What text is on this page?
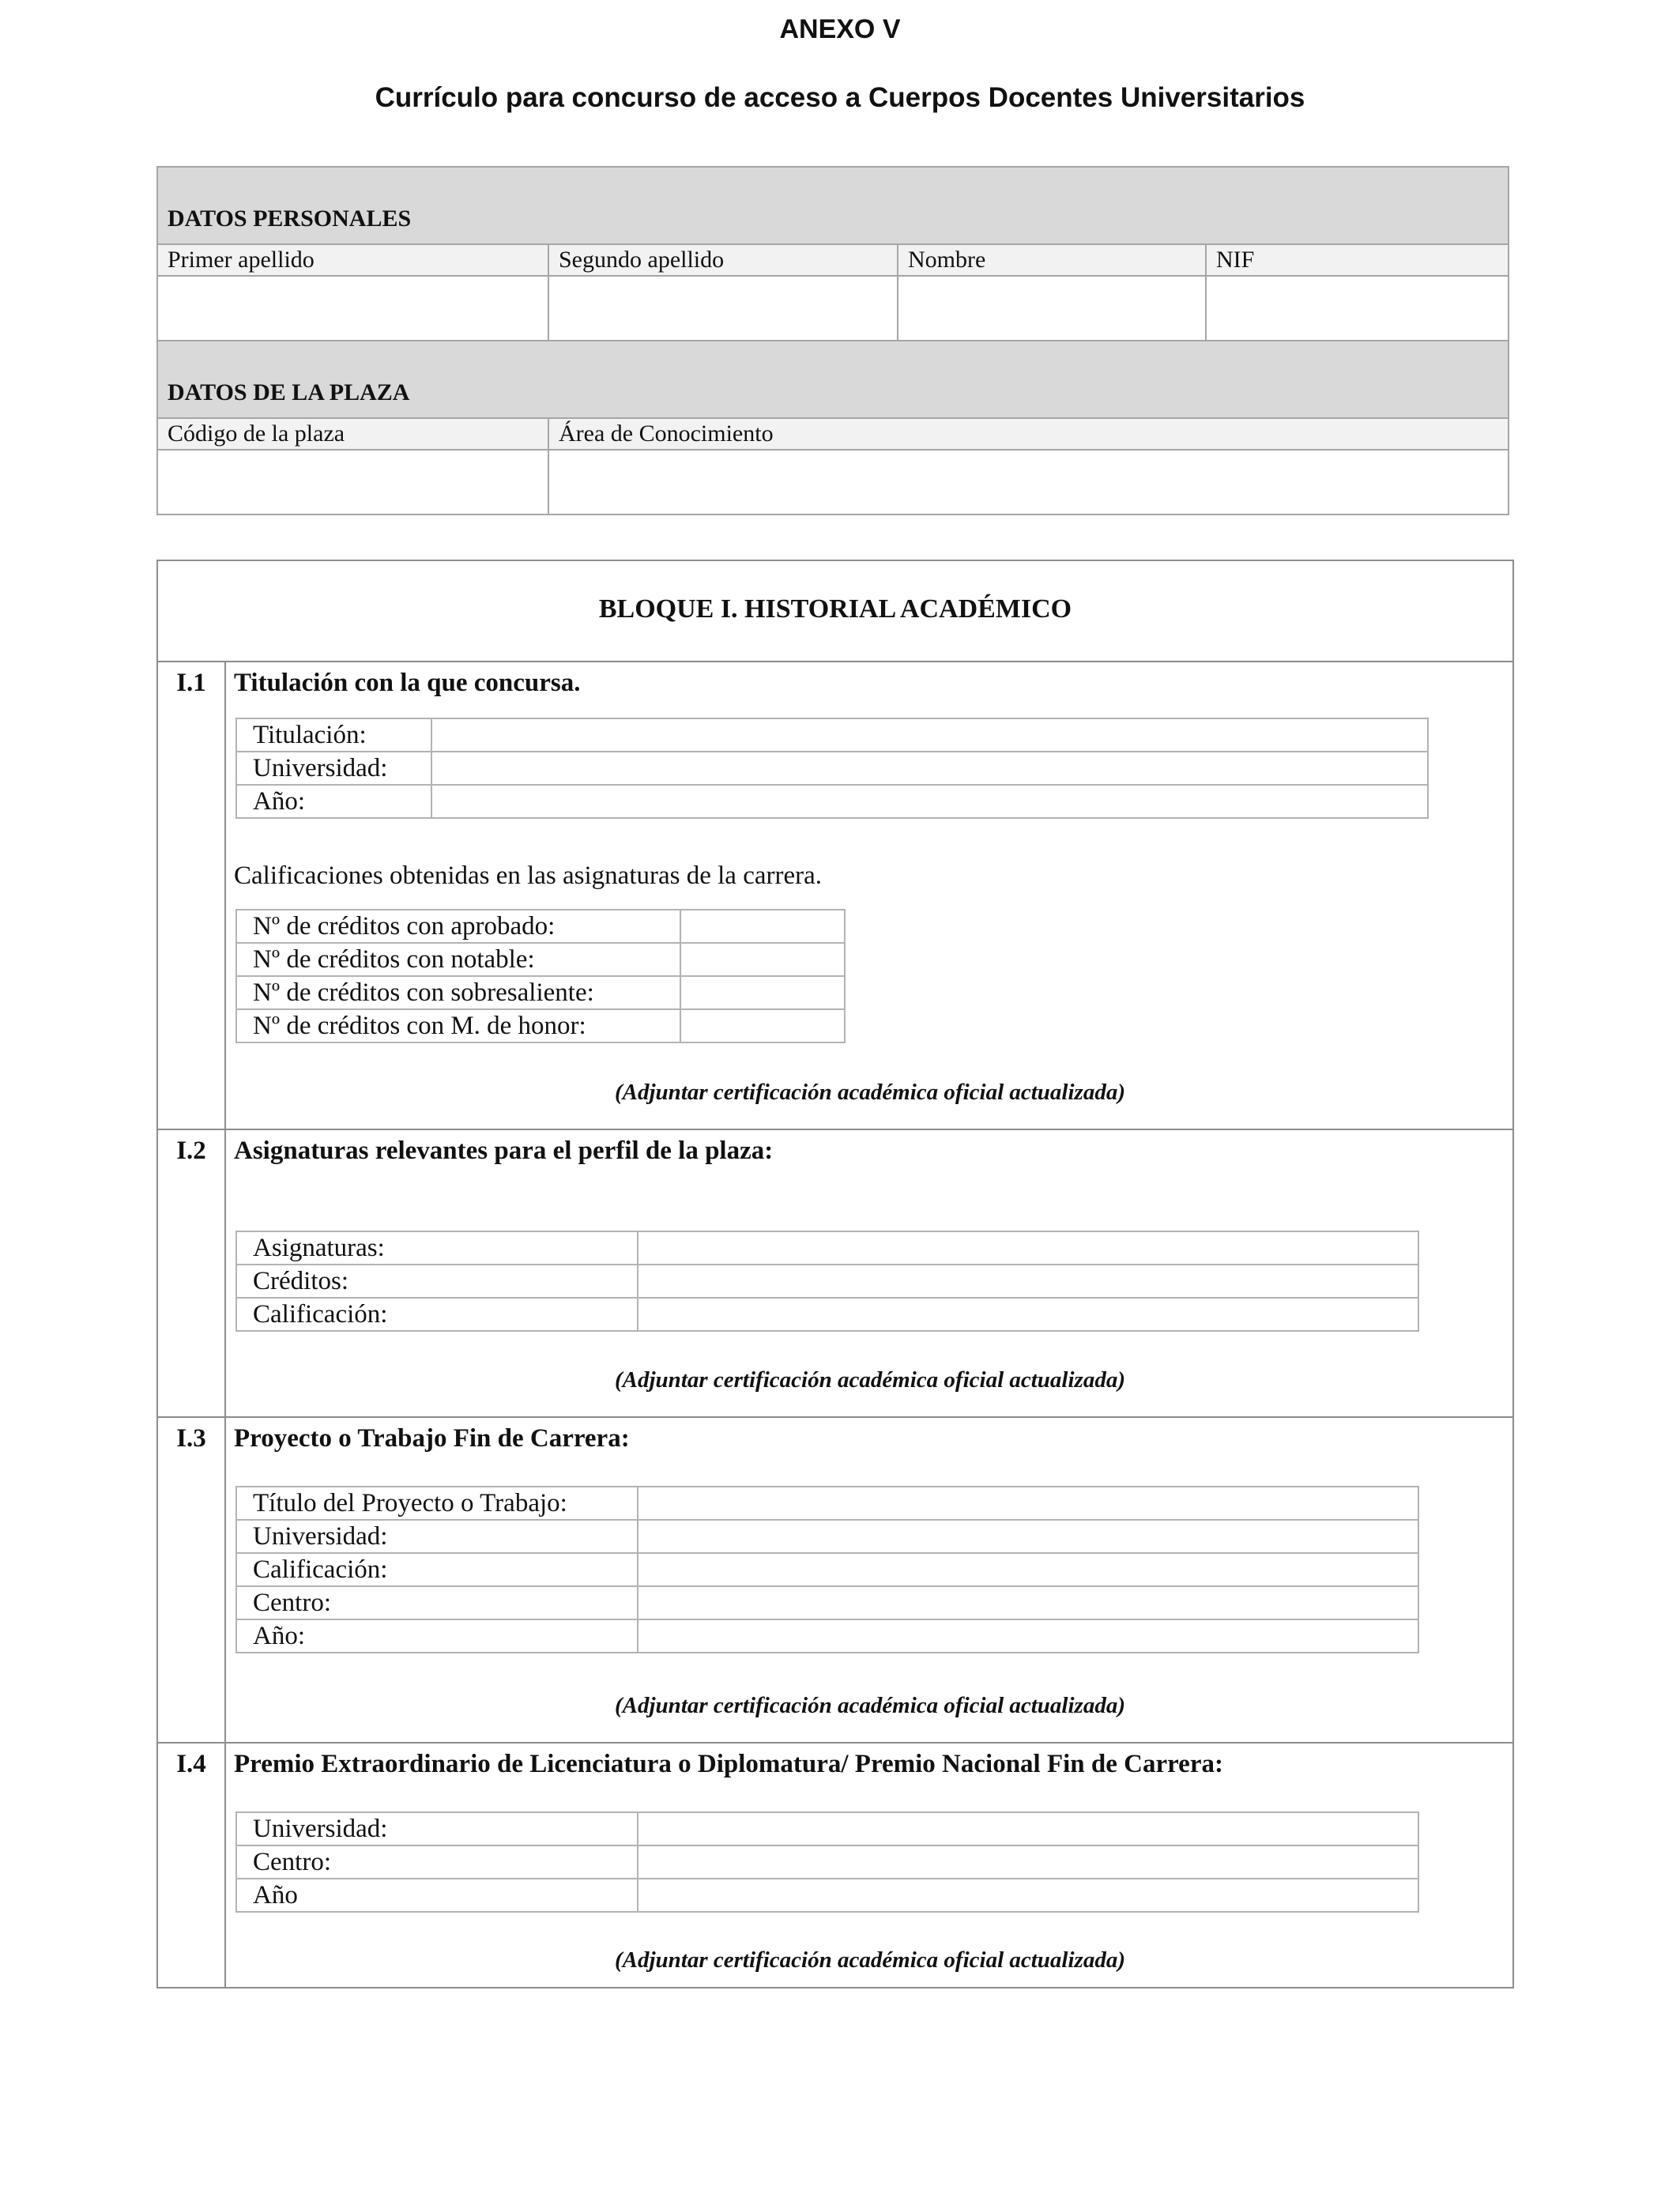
ANEXO V
Currículo para concurso de acceso a Cuerpos Docentes Universitarios
DATOS PERSONALES			
Primer apellido	Segundo apellido	Nombre	NIF

DATOS DE LA PLAZA			
Código de la plaza	Área de Conocimiento		

BLOQUE I. HISTORIAL ACADÉMICO
I.1	Titulación con la que concursa.
Titulación:	
Universidad:	
Año:	
Calificaciones obtenidas en las asignaturas de la carrera.
Nº de créditos con aprobado:	
Nº de créditos con notable:	
Nº de créditos con sobresaliente:	
Nº de créditos con M. de honor:	
(Adjuntar certificación académica oficial actualizada)
I.2	Asignaturas relevantes para el perfil de la plaza:
Asignaturas:	
Créditos:	
Calificación:	
(Adjuntar certificación académica oficial actualizada)
I.3	Proyecto o Trabajo Fin de Carrera:
Título del Proyecto o Trabajo:	
Universidad:	
Calificación:	
Centro:	
Año:	
(Adjuntar certificación académica oficial actualizada)
I.4	Premio Extraordinario de Licenciatura o Diplomatura/ Premio Nacional Fin de Carrera:
Universidad:	
Centro:	
Año	
(Adjuntar certificación académica oficial actualizada)
